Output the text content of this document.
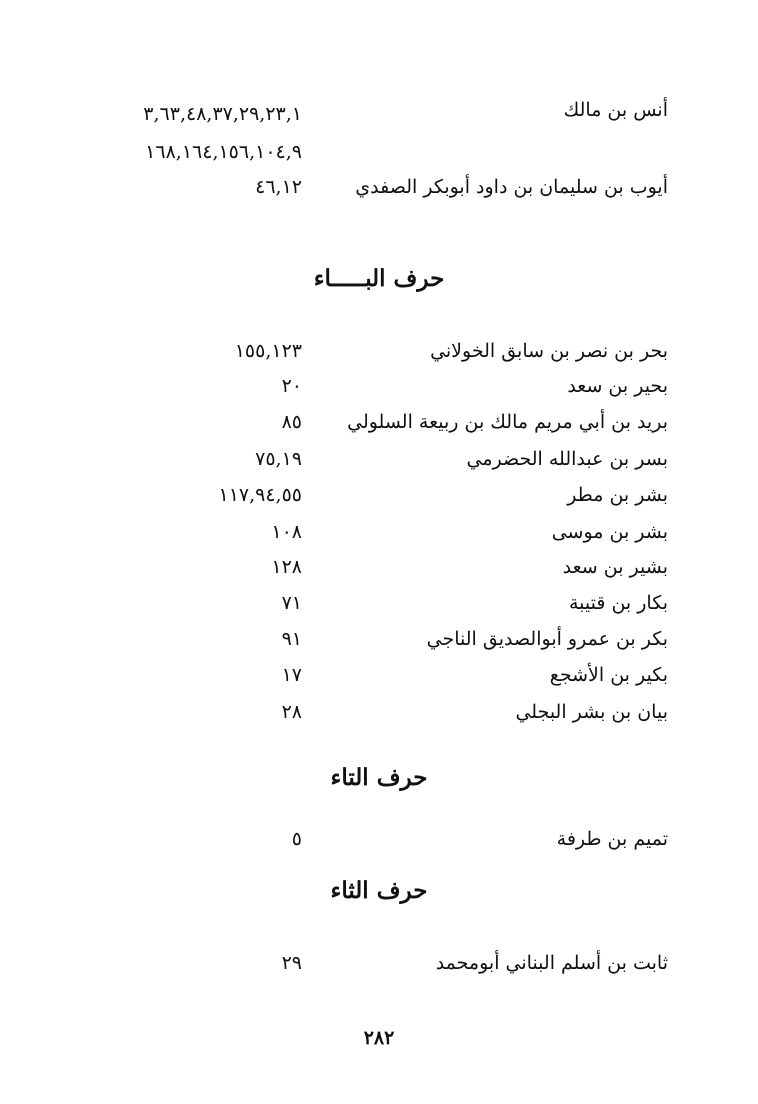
أنس بن مالك
٣,٦٣,٤٨,٣٧,٢٩,٢٣,١
١٦٨,١٦٤,١٥٦,١٠٤,٩
أيوب بن سليمان بن داود أبوبكر الصفدي
٤٦,١٢
حرف البـــــاء
بحر بن نصر بن سابق الخولاني
١٥٥,١٢٣
بحير بن سعد
٢٠
بريد بن أبي مريم مالك بن ربيعة السلولي
٨٥
بسر بن عبدالله الحضرمي
٧٥,١٩
بشر بن مطر
١١٧,٩٤,٥٥
بشر بن موسى
١٠٨
بشير بن سعد
١٢٨
بكار بن قتيبة
٧١
بكر بن عمرو أبوالصديق الناجي
٩١
بكير بن الأشجع
١٧
بيان بن بشر البجلي
٢٨
حرف التاء
تميم بن طرفة
٥
حرف الثاء
ثابت بن أسلم البناني أبومحمد
٢٩
٢٨٢
